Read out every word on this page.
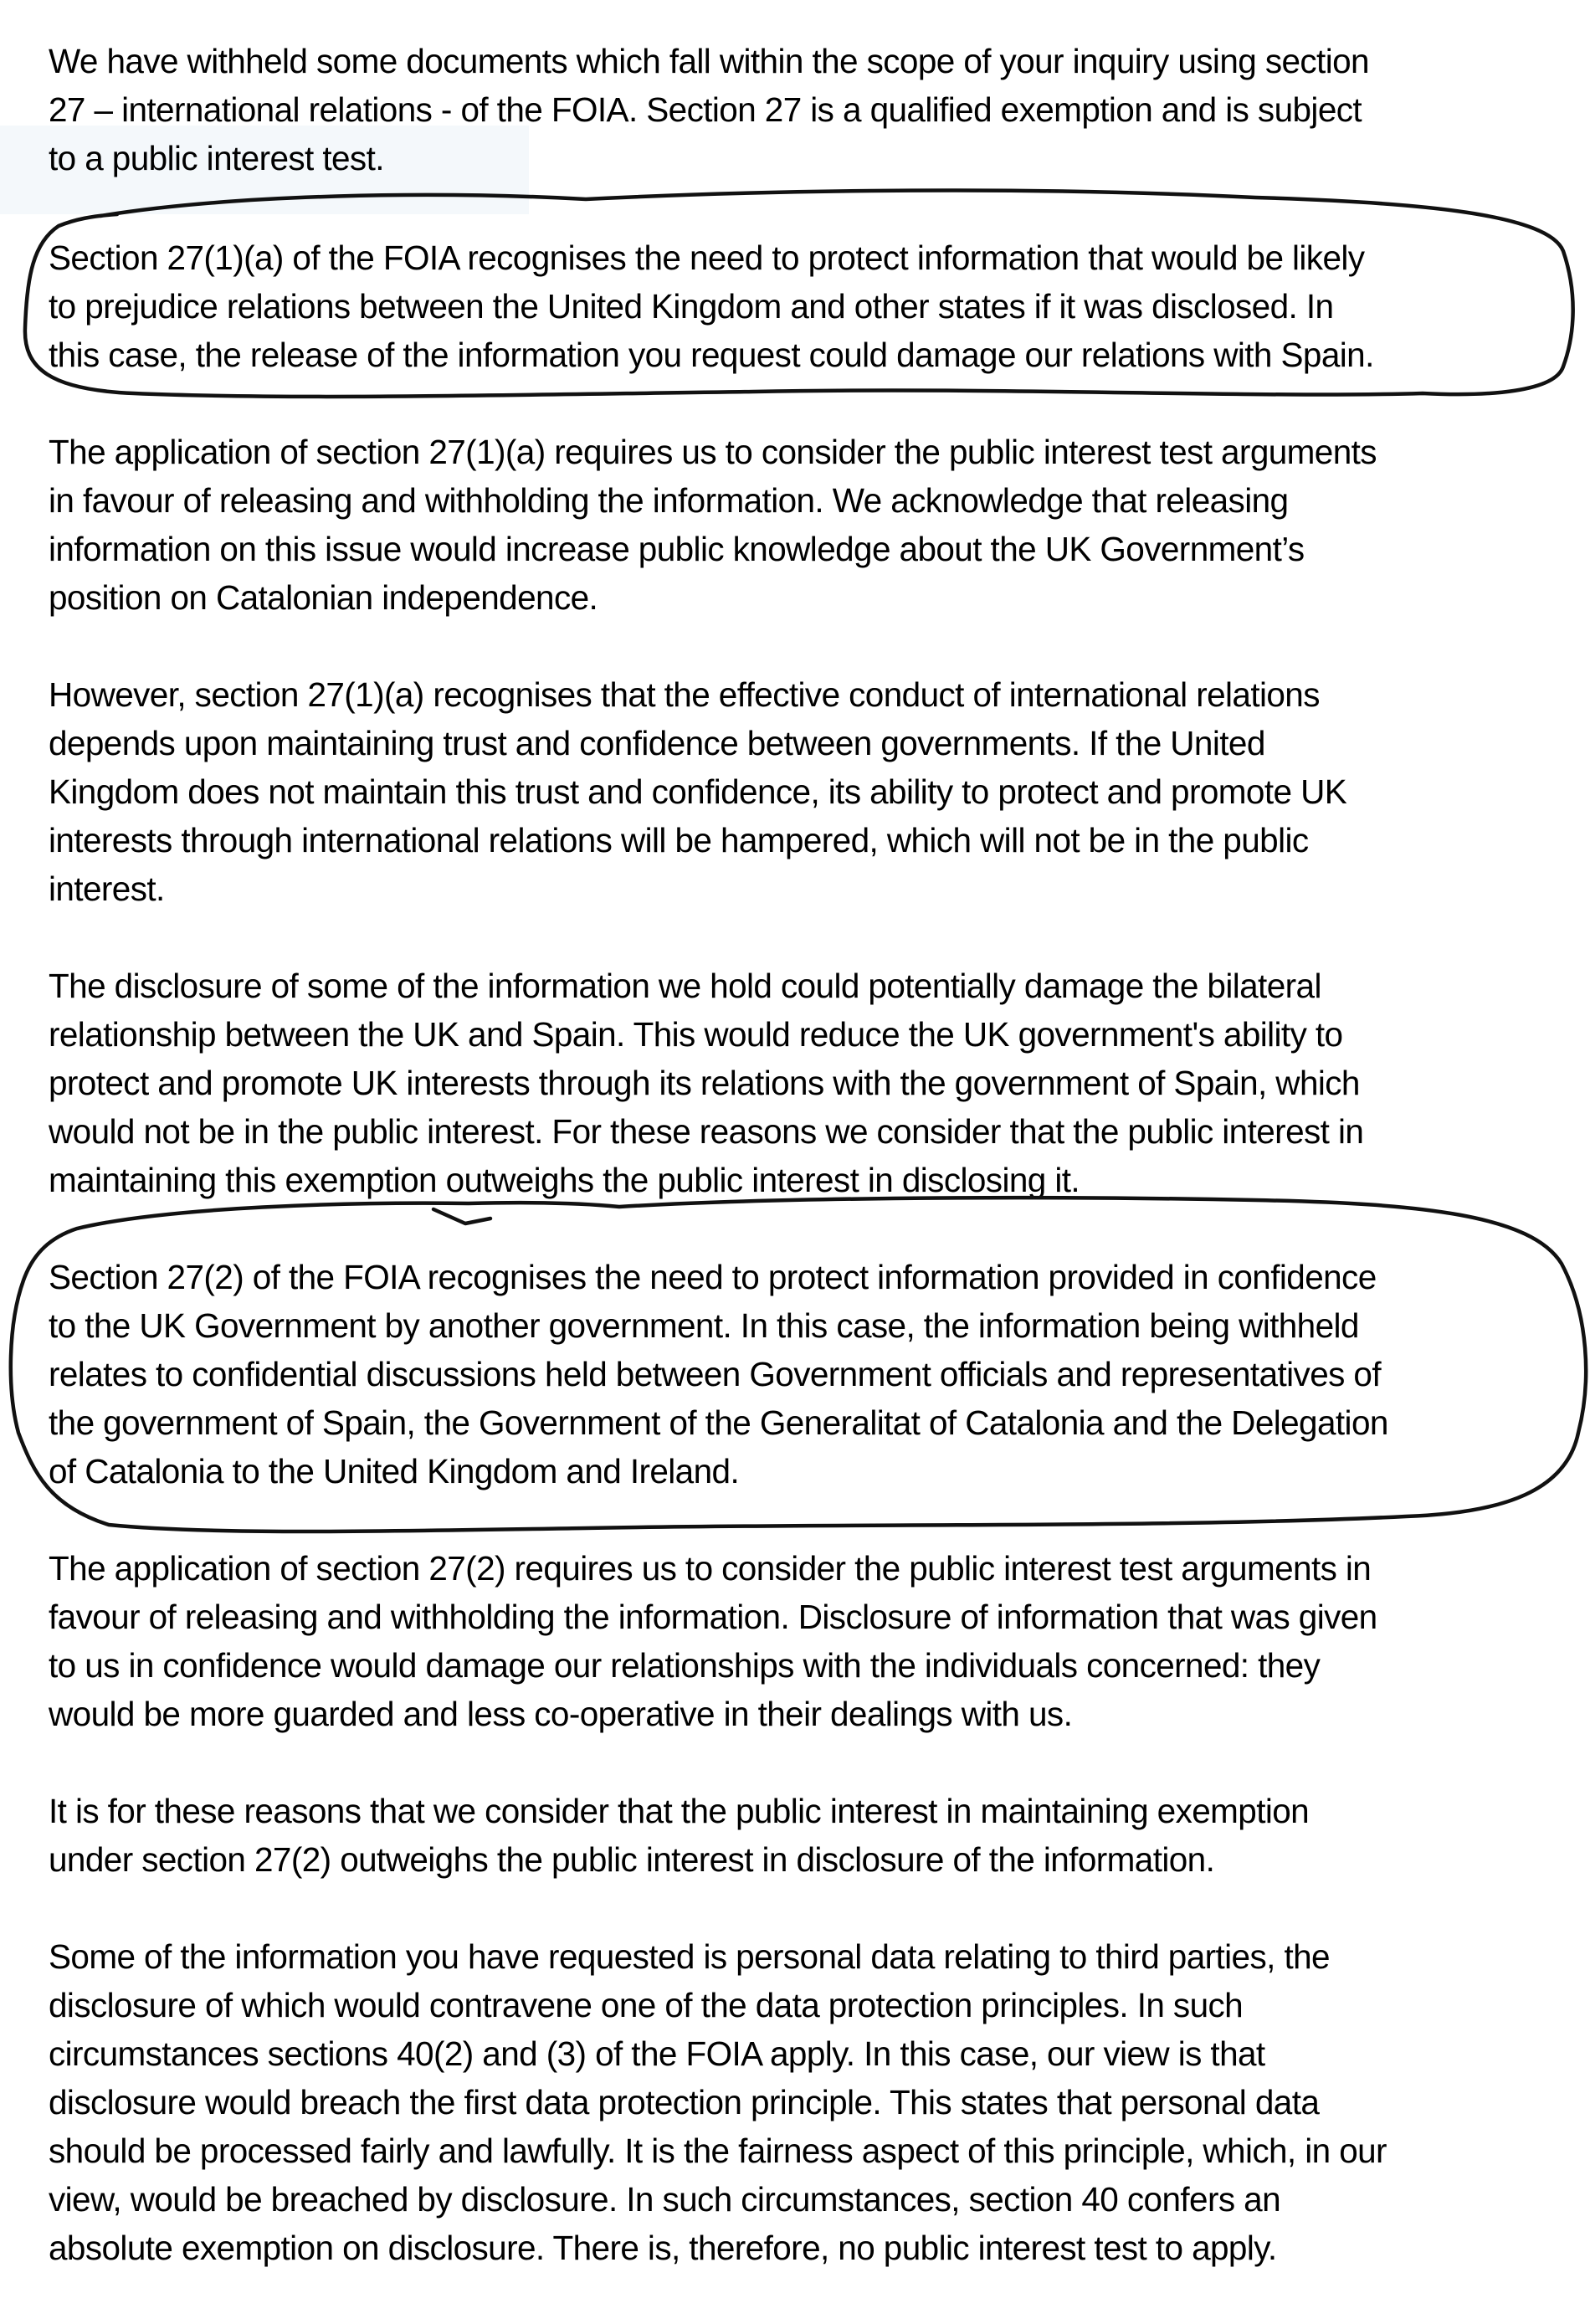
We have withheld some documents which fall within the scope of your inquiry using section
27 – international relations - of the FOIA. Section 27 is a qualified exemption and is subject
to a public interest test.
Section 27(1)(a) of the FOIA recognises the need to protect information that would be likely
to prejudice relations between the United Kingdom and other states if it was disclosed. In
this case, the release of the information you request could damage our relations with Spain.
The application of section 27(1)(a) requires us to consider the public interest test arguments
in favour of releasing and withholding the information. We acknowledge that releasing
information on this issue would increase public knowledge about the UK Government’s
position on Catalonian independence.
However, section 27(1)(a) recognises that the effective conduct of international relations
depends upon maintaining trust and confidence between governments. If the United
Kingdom does not maintain this trust and confidence, its ability to protect and promote UK
interests through international relations will be hampered, which will not be in the public
interest.
The disclosure of some of the information we hold could potentially damage the bilateral
relationship between the UK and Spain. This would reduce the UK government's ability to
protect and promote UK interests through its relations with the government of Spain, which
would not be in the public interest. For these reasons we consider that the public interest in
maintaining this exemption outweighs the public interest in disclosing it.
Section 27(2) of the FOIA recognises the need to protect information provided in confidence
to the UK Government by another government. In this case, the information being withheld
relates to confidential discussions held between Government officials and representatives of
the government of Spain, the Government of the Generalitat of Catalonia and the Delegation
of Catalonia to the United Kingdom and Ireland.
The application of section 27(2) requires us to consider the public interest test arguments in
favour of releasing and withholding the information. Disclosure of information that was given
to us in confidence would damage our relationships with the individuals concerned: they
would be more guarded and less co-operative in their dealings with us.
It is for these reasons that we consider that the public interest in maintaining exemption
under section 27(2) outweighs the public interest in disclosure of the information.
Some of the information you have requested is personal data relating to third parties, the
disclosure of which would contravene one of the data protection principles. In such
circumstances sections 40(2) and (3) of the FOIA apply. In this case, our view is that
disclosure would breach the first data protection principle. This states that personal data
should be processed fairly and lawfully. It is the fairness aspect of this principle, which, in our
view, would be breached by disclosure. In such circumstances, section 40 confers an
absolute exemption on disclosure. There is, therefore, no public interest test to apply.
